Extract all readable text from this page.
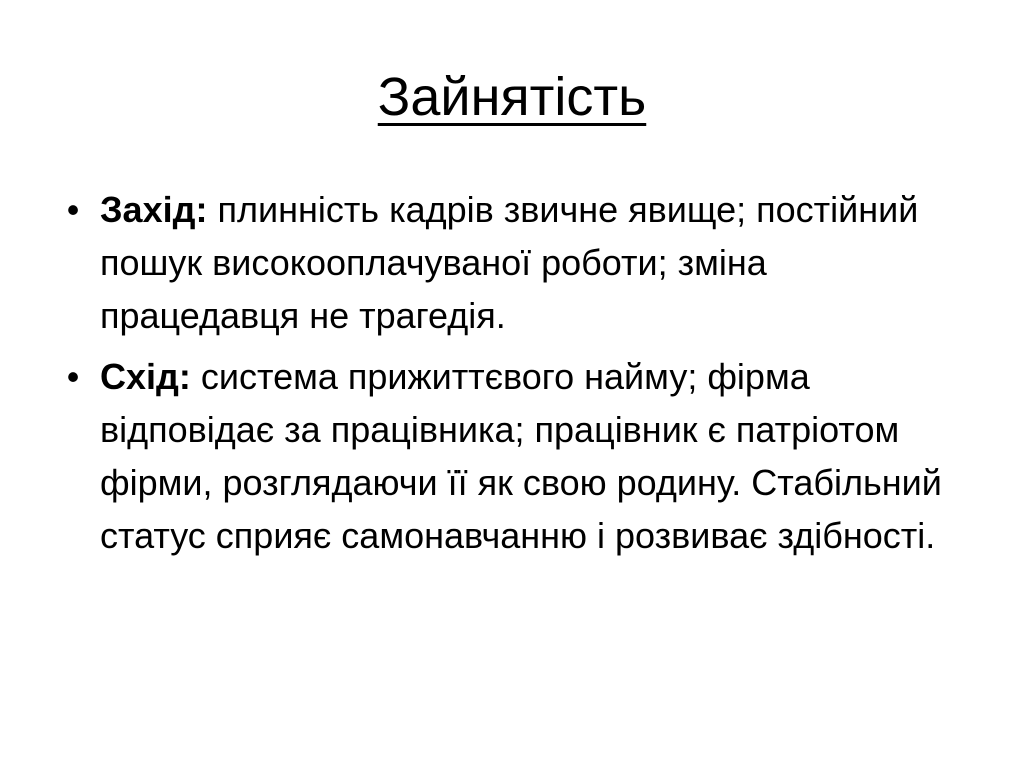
Зайнятість
• Захід: плинність кадрів звичне явище; постійний пошук високооплачуваної роботи; зміна працедавця не трагедія.
• Схід: система прижиттєвого найму; фірма відповідає за працівника; працівник є патріотом фірми, розглядаючи її як свою родину. Стабільний статус сприяє самонавчанню і розвиває здібності.
